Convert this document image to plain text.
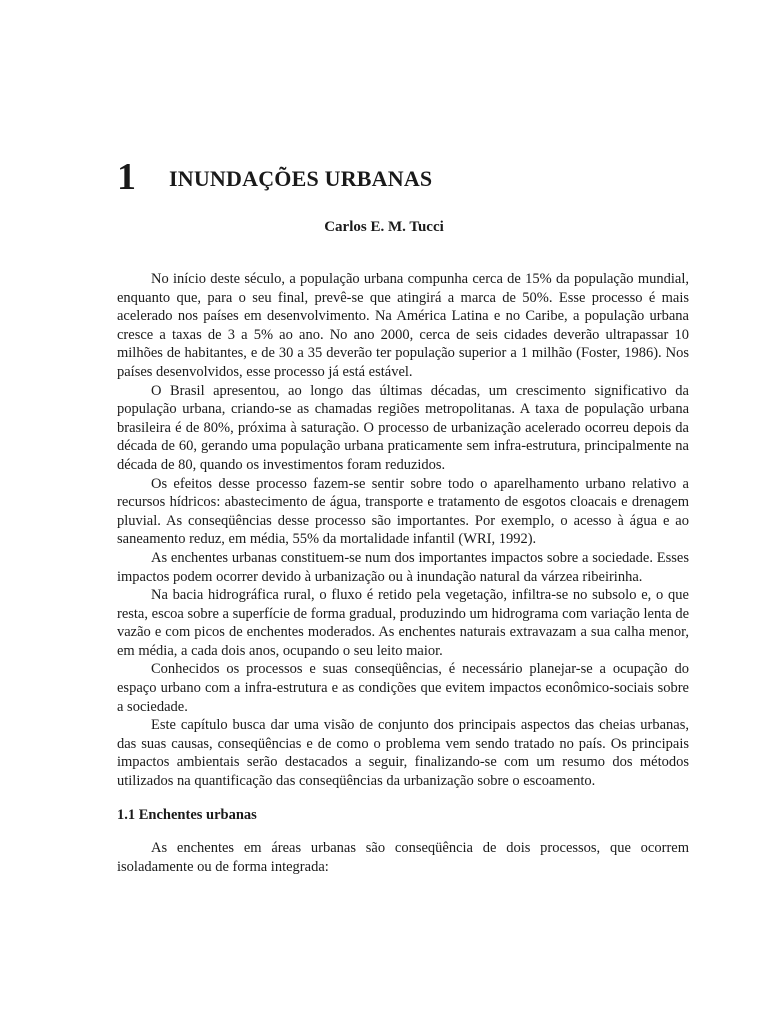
1 INUNDAÇÕES URBANAS
Carlos E. M. Tucci

No início deste século, a população urbana compunha cerca de 15% da população mundial, enquanto que, para o seu final, prevê-se que atingirá a marca de 50%. Esse processo é mais acelerado nos países em desenvolvimento. Na América Latina e no Caribe, a população urbana cresce a taxas de 3 a 5% ao ano. No ano 2000, cerca de seis cidades deverão ultrapassar 10 milhões de habitantes, e de 30 a 35 deverão ter população superior a 1 milhão (Foster, 1986). Nos países desenvolvidos, esse processo já está estável.

O Brasil apresentou, ao longo das últimas décadas, um crescimento significativo da população urbana, criando-se as chamadas regiões metropolitanas. A taxa de população urbana brasileira é de 80%, próxima à saturação. O processo de urbanização acelerado ocorreu depois da década de 60, gerando uma população urbana praticamente sem infra-estrutura, principalmente na década de 80, quando os investimentos foram reduzidos.

Os efeitos desse processo fazem-se sentir sobre todo o aparelhamento urbano relativo a recursos hídricos: abastecimento de água, transporte e tratamento de esgotos cloacais e drenagem pluvial. As conseqüências desse processo são importantes. Por exemplo, o acesso à água e ao saneamento reduz, em média, 55% da mortalidade infantil (WRI, 1992).

As enchentes urbanas constituem-se num dos importantes impactos sobre a sociedade. Esses impactos podem ocorrer devido à urbanização ou à inundação natural da várzea ribeirinha.

Na bacia hidrográfica rural, o fluxo é retido pela vegetação, infiltra-se no subsolo e, o que resta, escoa sobre a superfície de forma gradual, produzindo um hidrograma com variação lenta de vazão e com picos de enchentes moderados. As enchentes naturais extravazam a sua calha menor, em média, a cada dois anos, ocupando o seu leito maior.

Conhecidos os processos e suas conseqüências, é necessário planejar-se a ocupação do espaço urbano com a infra-estrutura e as condições que evitem impactos econômico-sociais sobre a sociedade.

Este capítulo busca dar uma visão de conjunto dos principais aspectos das cheias urbanas, das suas causas, conseqüências e de como o problema vem sendo tratado no país. Os principais impactos ambientais serão destacados a seguir, finalizando-se com um resumo dos métodos utilizados na quantificação das conseqüências da urbanização sobre o escoamento.

1.1 Enchentes urbanas

As enchentes em áreas urbanas são conseqüência de dois processos, que ocorrem isoladamente ou de forma integrada:
